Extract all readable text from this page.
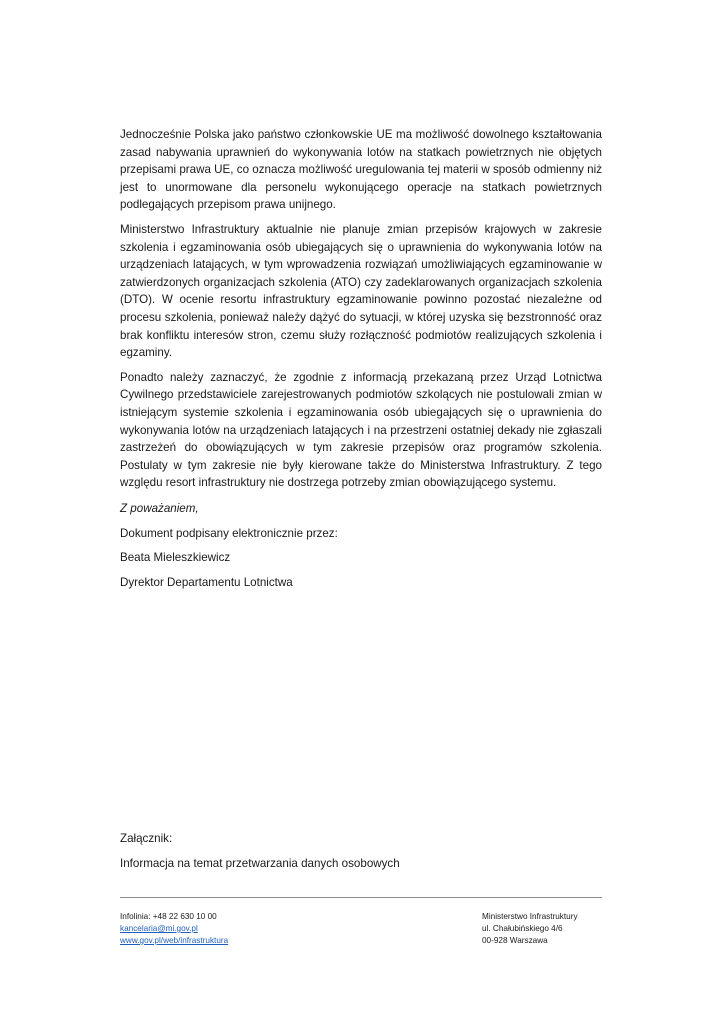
Jednocześnie Polska jako państwo członkowskie UE ma możliwość dowolnego kształtowania zasad nabywania uprawnień do wykonywania lotów na statkach powietrznych nie objętych przepisami prawa UE, co oznacza możliwość uregulowania tej materii w sposób odmienny niż jest to unormowane dla personelu wykonującego operacje na statkach powietrznych podlegających przepisom prawa unijnego.

Ministerstwo Infrastruktury aktualnie nie planuje zmian przepisów krajowych w zakresie szkolenia i egzaminowania osób ubiegających się o uprawnienia do wykonywania lotów na urządzeniach latających, w tym wprowadzenia rozwiązań umożliwiających egzaminowanie w zatwierdzonych organizacjach szkolenia (ATO) czy zadeklarowanych organizacjach szkolenia (DTO). W ocenie resortu infrastruktury egzaminowanie powinno pozostać niezależne od procesu szkolenia, ponieważ należy dążyć do sytuacji, w której uzyska się bezstronność oraz brak konfliktu interesów stron, czemu służy rozłączność podmiotów realizujących szkolenia i egzaminy.

Ponadto należy zaznaczyć, że zgodnie z informacją przekazaną przez Urząd Lotnictwa Cywilnego przedstawiciele zarejestrowanych podmiotów szkolących nie postulowali zmian w istniejącym systemie szkolenia i egzaminowania osób ubiegających się o uprawnienia do wykonywania lotów na urządzeniach latających i na przestrzeni ostatniej dekady nie zgłaszali zastrzeżeń do obowiązujących w tym zakresie przepisów oraz programów szkolenia. Postulaty w tym zakresie nie były kierowane także do Ministerstwa Infrastruktury. Z tego względu resort infrastruktury nie dostrzega potrzeby zmian obowiązującego systemu.

Z poważaniem,

Dokument podpisany elektronicznie przez:

Beata Mieleszkiewicz

Dyrektor Departamentu Lotnictwa

Załącznik:

Informacja na temat przetwarzania danych osobowych

Infolinia: +48 22 630 10 00
kancelaria@mi.gov.pl
www.gov.pl/web/infrastruktura
Ministerstwo Infrastruktury
ul. Chałubińskiego 4/6
00-928 Warszawa
